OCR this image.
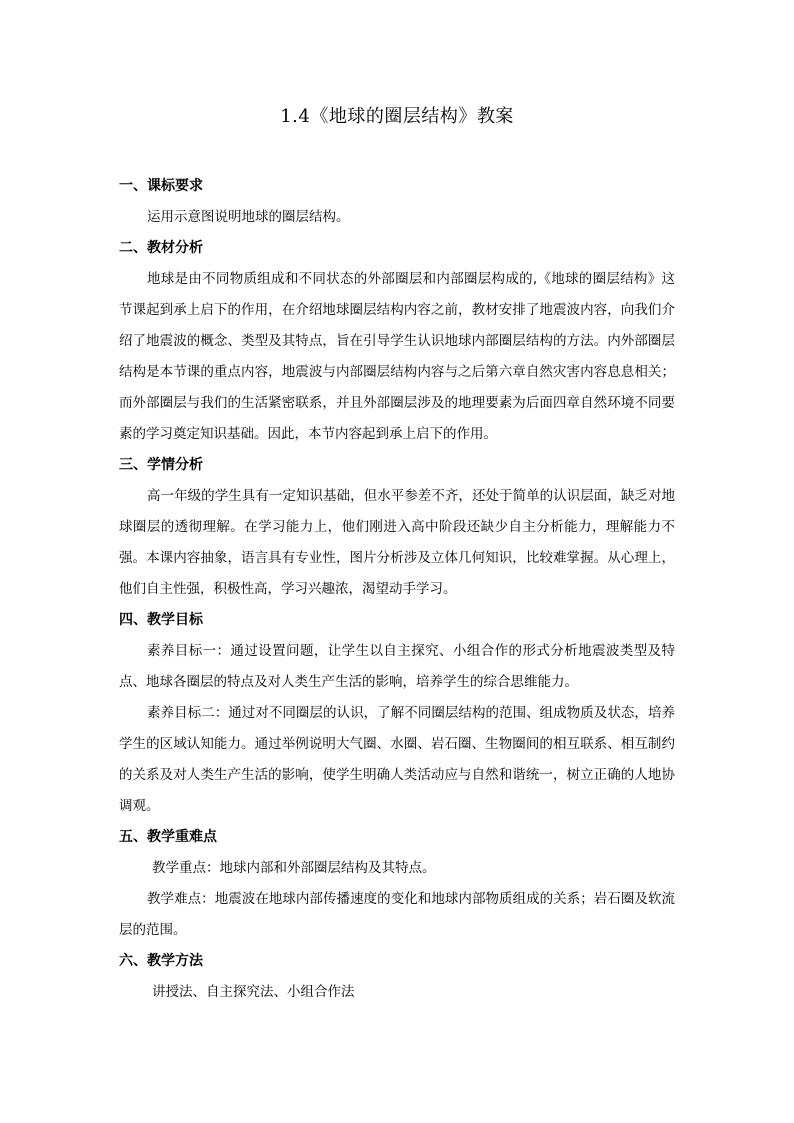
1.4《地球的圈层结构》教案

一、课标要求

运用示意图说明地球的圈层结构。

二、教材分析

地球是由不同物质组成和不同状态的外部圈层和内部圈层构成的,《地球的圈层结构》这节课起到承上启下的作用，在介绍地球圈层结构内容之前，教材安排了地震波内容，向我们介绍了地震波的概念、类型及其特点，旨在引导学生认识地球内部圈层结构的方法。内外部圈层结构是本节课的重点内容，地震波与内部圈层结构内容与之后第六章自然灾害内容息息相关；而外部圈层与我们的生活紧密联系，并且外部圈层涉及的地理要素为后面四章自然环境不同要素的学习奠定知识基础。因此，本节内容起到承上启下的作用。

三、学情分析

高一年级的学生具有一定知识基础，但水平参差不齐，还处于简单的认识层面，缺乏对地球圈层的透彻理解。在学习能力上，他们刚进入高中阶段还缺少自主分析能力，理解能力不强。本课内容抽象，语言具有专业性，图片分析涉及立体几何知识，比较难掌握。从心理上，他们自主性强，积极性高，学习兴趣浓，渴望动手学习。

四、教学目标

素养目标一：通过设置问题，让学生以自主探究、小组合作的形式分析地震波类型及特点、地球各圈层的特点及对人类生产生活的影响，培养学生的综合思维能力。

素养目标二：通过对不同圈层的认识，了解不同圈层结构的范围、组成物质及状态，培养学生的区域认知能力。通过举例说明大气圈、水圈、岩石圈、生物圈间的相互联系、相互制约的关系及对人类生产生活的影响，使学生明确人类活动应与自然和谐统一，树立正确的人地协调观。

五、教学重难点

教学重点：地球内部和外部圈层结构及其特点。

教学难点：地震波在地球内部传播速度的变化和地球内部物质组成的关系；岩石圈及软流层的范围。

六、教学方法

讲授法、自主探究法、小组合作法
